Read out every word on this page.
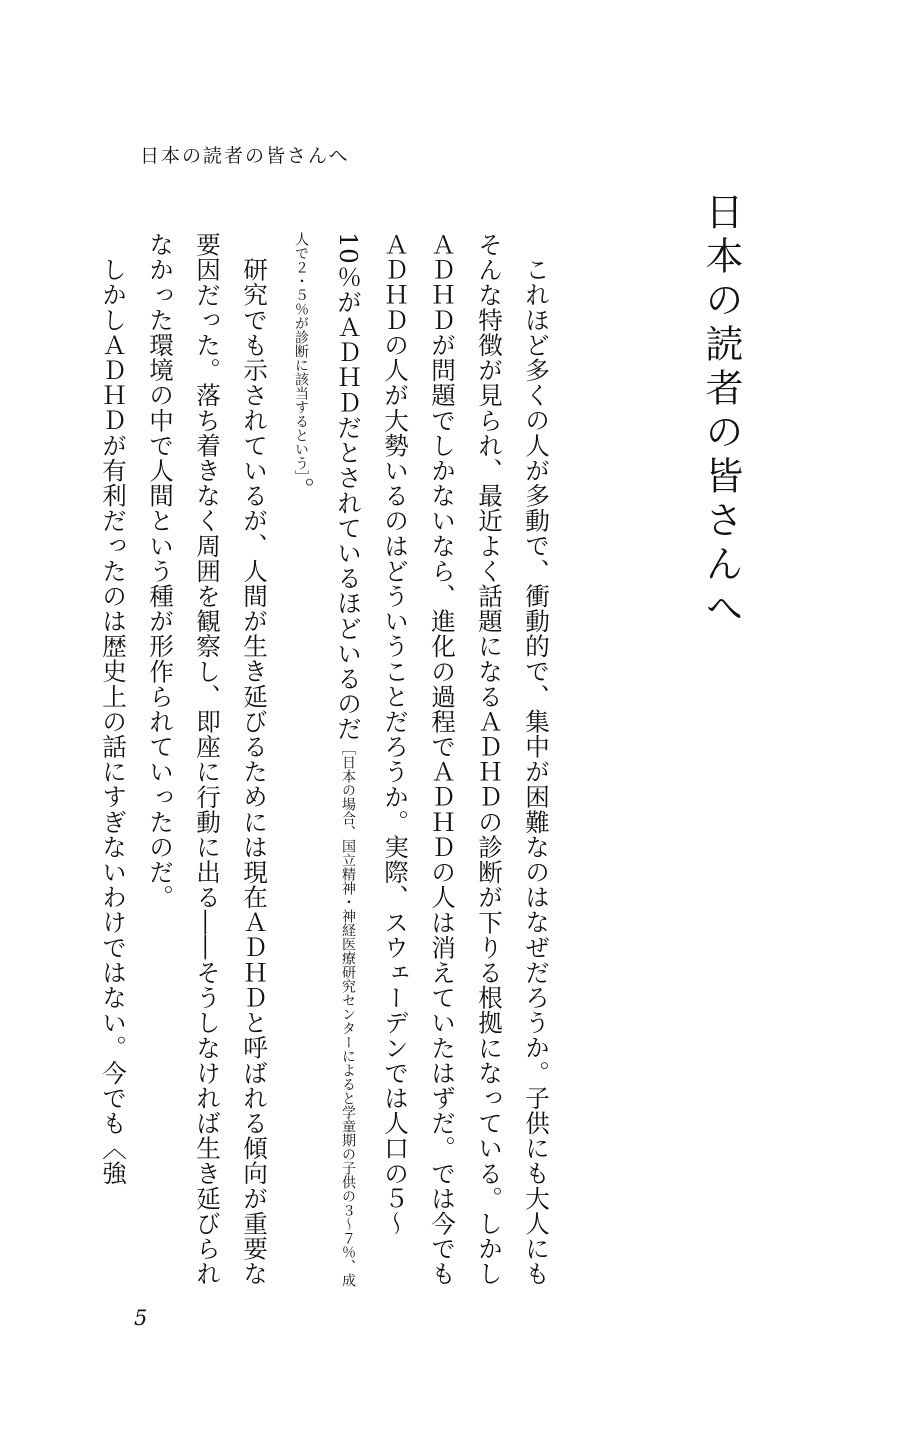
日本の読者の皆さんへ
日本の読者の皆さんへ

これほど多くの人が多動で、衝動的で、集中が困難なのはなぜだろうか。子供にも大人にもそんな特徴が見られ、最近よく話題になるＡＤＨＤの診断が下りる根拠になっている。しかしＡＤＨＤが問題でしかないなら、進化の過程でＡＤＨＤの人は消えていたはずだ。では今でもＡＤＨＤの人が大勢いるのはどういうことだろうか。実際、スウェーデンでは人口の５～10％がＡＤＨＤだとされているほどいるのだ［日本の場合、国立精神・神経医療研究センターによると学童期の子供の３～７％、成人で２・５％が診断に該当するという］。

研究でも示されているが、人間が生き延びるためには現在ＡＤＨＤと呼ばれる傾向が重要な要因だった。落ち着きなく周囲を観察し、即座に行動に出る――そうしなければ生き延びられなかった環境の中で人間という種が形作られていったのだ。

しかしＡＤＨＤが有利だったのは歴史上の話にすぎないわけではない。今でも〈強

5
